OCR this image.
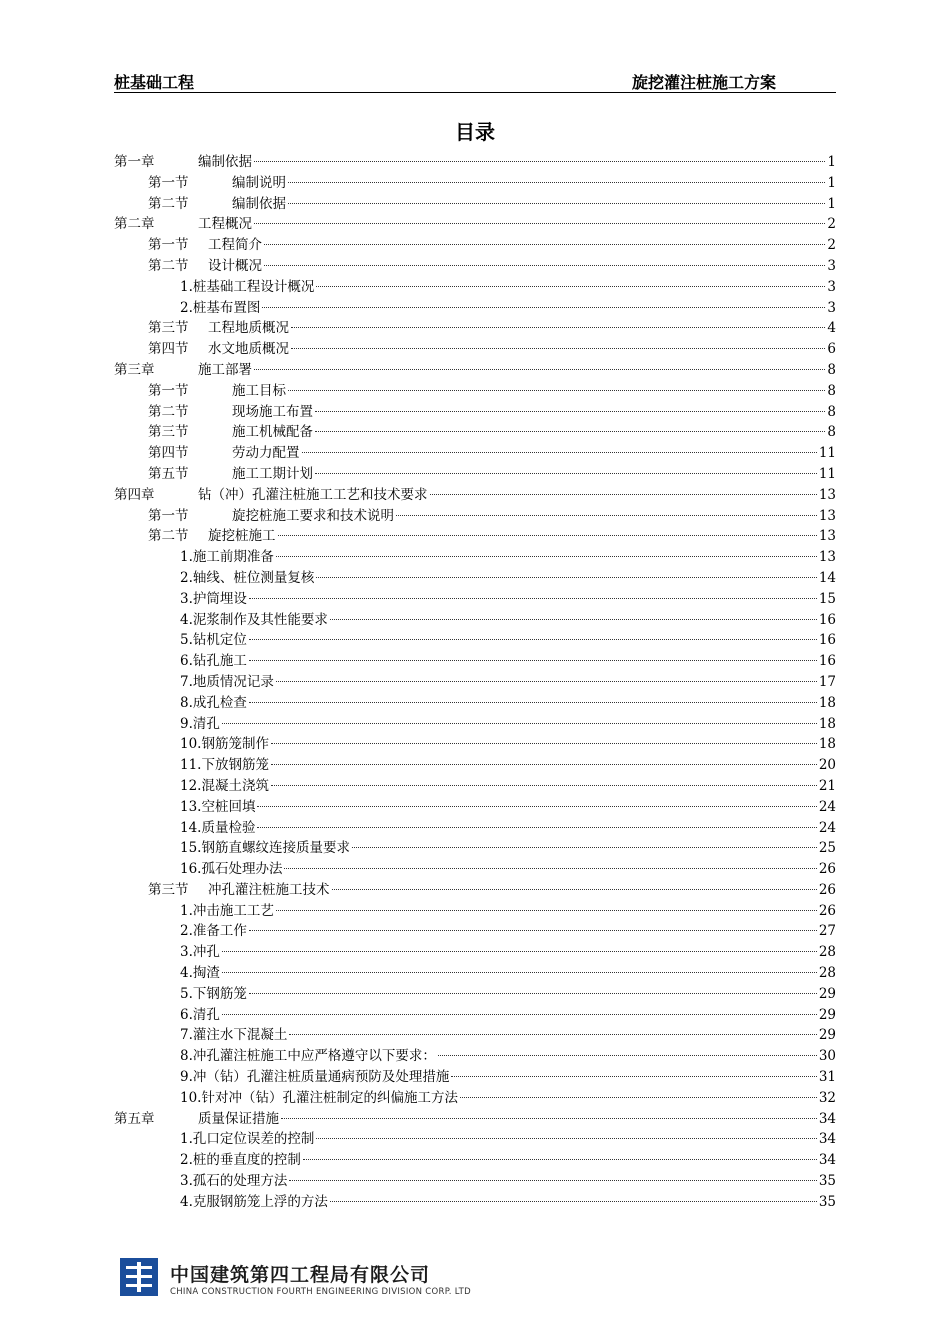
桩基础工程	旋挖灌注桩施工方案
目录
第一章	编制依据	1
第一节	编制说明	1
第二节	编制依据	1
第二章	工程概况	2
第一节	工程简介	2
第二节	设计概况	3
1.桩基础工程设计概况	3
2.桩基布置图	3
第三节	工程地质概况	4
第四节	水文地质概况	6
第三章	施工部署	8
第一节	施工目标	8
第二节	现场施工布置	8
第三节	施工机械配备	8
第四节	劳动力配置	11
第五节	施工工期计划	11
第四章	钻（冲）孔灌注桩施工工艺和技术要求	13
第一节	旋挖桩施工要求和技术说明	13
第二节	旋挖桩施工	13
1.施工前期准备	13
2.轴线、桩位测量复核	14
3.护筒埋设	15
4.泥浆制作及其性能要求	16
5.钻机定位	16
6.钻孔施工	16
7.地质情况记录	17
8.成孔检查	18
9.清孔	18
10.钢筋笼制作	18
11.下放钢筋笼	20
12.混凝土浇筑	21
13.空桩回填	24
14.质量检验	24
15.钢筋直螺纹连接质量要求	25
16.孤石处理办法	26
第三节	冲孔灌注桩施工技术	26
1.冲击施工工艺	26
2.准备工作	27
3.冲孔	28
4.掏渣	28
5.下钢筋笼	29
6.清孔	29
7.灌注水下混凝土	29
8.冲孔灌注桩施工中应严格遵守以下要求：	30
9.冲（钻）孔灌注桩质量通病预防及处理措施	31
10.针对冲（钻）孔灌注桩制定的纠偏施工方法	32
第五章	质量保证措施	34
1.孔口定位误差的控制	34
2.桩的垂直度的控制	34
3.孤石的处理方法	35
4.克服钢筋笼上浮的方法	35
中国建筑第四工程局有限公司
CHINA CONSTRUCTION FOURTH ENGINEERING DIVISION CORP. LTD
